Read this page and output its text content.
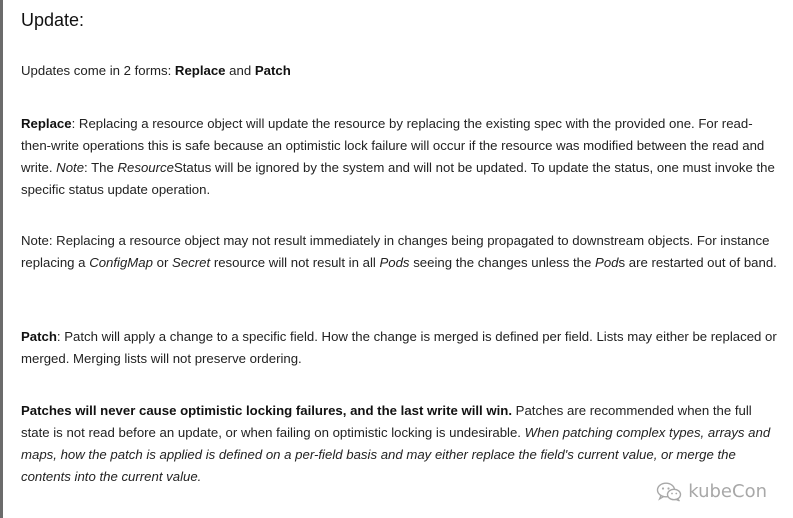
Update:

Updates come in 2 forms: Replace and Patch

Replace: Replacing a resource object will update the resource by replacing the existing spec with the provided one. For read-then-write operations this is safe because an optimistic lock failure will occur if the resource was modified between the read and write. Note: The ResourceStatus will be ignored by the system and will not be updated. To update the status, one must invoke the specific status update operation.

Note: Replacing a resource object may not result immediately in changes being propagated to downstream objects. For instance replacing a ConfigMap or Secret resource will not result in all Pods seeing the changes unless the Pods are restarted out of band.

Patch: Patch will apply a change to a specific field. How the change is merged is defined per field. Lists may either be replaced or merged. Merging lists will not preserve ordering.

Patches will never cause optimistic locking failures, and the last write will win. Patches are recommended when the full state is not read before an update, or when failing on optimistic locking is undesirable. When patching complex types, arrays and maps, how the patch is applied is defined on a per-field basis and may either replace the field's current value, or merge the contents into the current value.

kubeCon
